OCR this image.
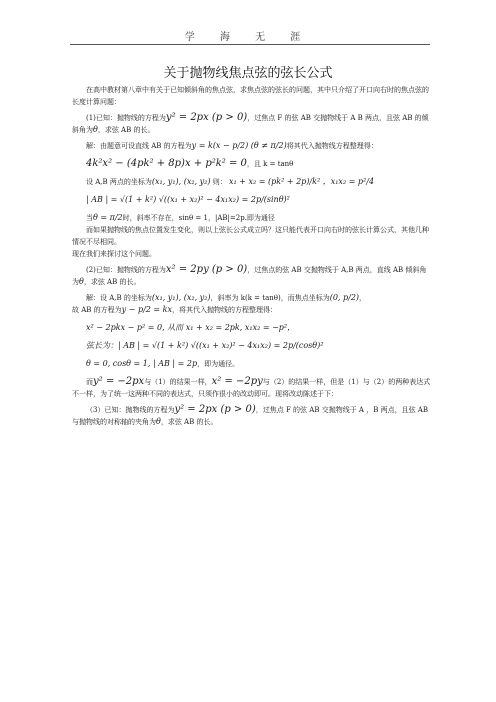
学 海 无 涯
关于抛物线焦点弦的弦长公式

在高中教材第八章中有关于已知倾斜角的焦点弦，求焦点弦的弦长的问题，其中只介绍了开口向右时的焦点弦的长度计算问题：

(1)已知：抛物线的方程为y² = 2px (p > 0)，过焦点 F 的弦 AB 交抛物线于 A B 两点，且弦 AB 的倾斜角为θ，求弦 AB 的长。

解：由题意可设直线 AB 的方程为y = k(x − p/2) (θ ≠ π/2)将其代入抛物线方程整理得：

4k²x² − (4pk² + 8p)x + p²k² = 0，且 k = tanθ

设 A,B 两点的坐标为(x₁, y₁), (x₂, y₂) 则： x₁ + x₂ = (pk² + 2p)/k² ，x₁x₂ = p²/4

| AB | = √(1 + k²) √((x₁ + x₂)² − 4x₁x₂) = 2p/(sinθ)²

当θ = π/2时，斜率不存在，sinθ = 1，|AB|=2p.即为通径

而如果抛物线的焦点位置发生变化，则以上弦长公式成立吗？这只能代表开口向右时的弦长计算公式，其他几种情况不尽相同。

现在我们来探讨这个问题。

(2)已知：抛物线的方程为x² = 2py (p > 0)，过焦点的弦 AB 交抛物线于 A,B 两点，直线 AB 倾斜角为θ，求弦 AB 的长。

解：设 A,B 的坐标为(x₁, y₁), (x₂, y₂)，斜率为 k(k = tanθ)，而焦点坐标为(0, p/2)，

故 AB 的方程为y − p/2 = kx，将其代入抛物线的方程整理得：

x² − 2pkx − p² = 0, 从而 x₁ + x₂ = 2pk, x₁x₂ = −p²，

弦长为：| AB | = √(1 + k²) √((x₁ + x₂)² − 4x₁x₂) = 2p/(cosθ)²

θ = 0, cosθ = 1, | AB | = 2p，即为通径。

而y² = −2px与（1）的结果一样，x² = −2py与（2）的结果一样，但是（1）与（2）的两种表达式不一样，为了统一这两种不同的表达式，只须作很小的改动即可。现将改动陈述于下：

（3）已知：抛物线的方程为y² = 2px (p > 0)，过焦点 F 的弦 AB 交抛物线于 A ，B 两点，且弦 AB 与抛物线的对称轴的夹角为θ，求弦 AB 的长。
